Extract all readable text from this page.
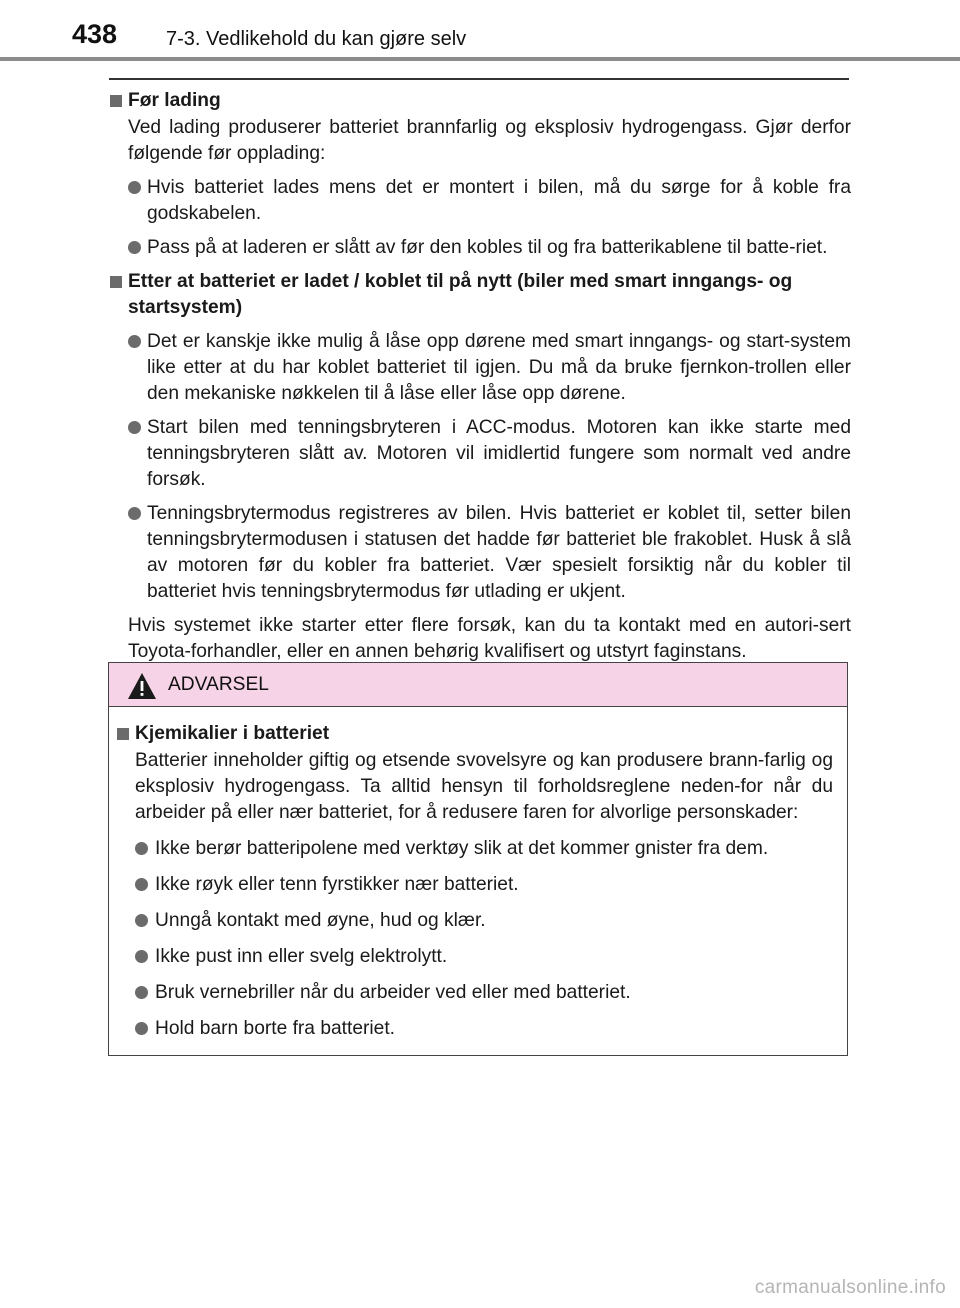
438 7-3. Vedlikehold du kan gjøre selv
Før lading

Ved lading produserer batteriet brannfarlig og eksplosiv hydrogengass. Gjør derfor følgende før opplading:

Hvis batteriet lades mens det er montert i bilen, må du sørge for å koble fra godskabelen.

Pass på at laderen er slått av før den kobles til og fra batterikablene til batte-riet.

Etter at batteriet er ladet / koblet til på nytt (biler med smart inngangs- og startsystem)

Det er kanskje ikke mulig å låse opp dørene med smart inngangs- og start-system like etter at du har koblet batteriet til igjen. Du må da bruke fjernkon-trollen eller den mekaniske nøkkelen til å låse eller låse opp dørene.

Start bilen med tenningsbryteren i ACC-modus. Motoren kan ikke starte med tenningsbryteren slått av. Motoren vil imidlertid fungere som normalt ved andre forsøk.

Tenningsbrytermodus registreres av bilen. Hvis batteriet er koblet til, setter bilen tenningsbrytermodusen i statusen det hadde før batteriet ble frakoblet. Husk å slå av motoren før du kobler fra batteriet. Vær spesielt forsiktig når du kobler til batteriet hvis tenningsbrytermodus før utlading er ukjent.

Hvis systemet ikke starter etter flere forsøk, kan du ta kontakt med en autori-sert Toyota-forhandler, eller en annen behørig kvalifisert og utstyrt faginstans.

ADVARSEL
Kjemikalier i batteriet

Batterier inneholder giftig og etsende svovelsyre og kan produsere brann-farlig og eksplosiv hydrogengass. Ta alltid hensyn til forholdsreglene neden-for når du arbeider på eller nær batteriet, for å redusere faren for alvorlige personskader:

Ikke berør batteripolene med verktøy slik at det kommer gnister fra dem.

Ikke røyk eller tenn fyrstikker nær batteriet.

Unngå kontakt med øyne, hud og klær.

Ikke pust inn eller svelg elektrolytt.

Bruk vernebriller når du arbeider ved eller med batteriet.

Hold barn borte fra batteriet.

carmanualsonline.info
